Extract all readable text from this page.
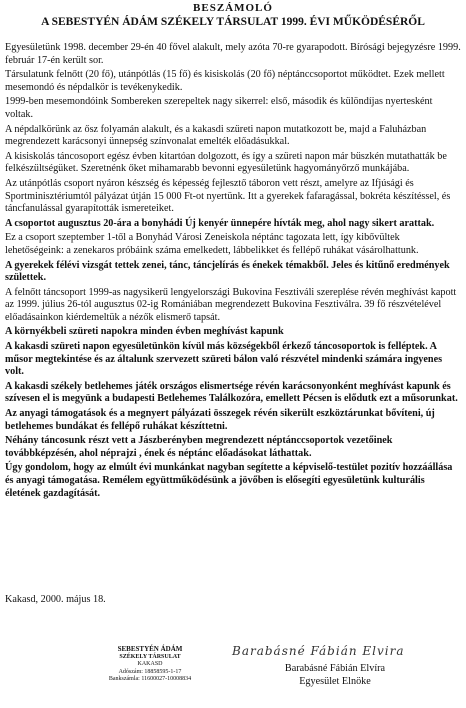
BESZÁMOLÓ
A SEBESTYÉN ÁDÁM SZÉKELY TÁRSULAT 1999. ÉVI MŰKÖDÉSÉRŐL

Egyesületünk 1998. december 29-én 40 fővel alakult, mely azóta 70-re gyarapodott. Bírósági bejegyzésre 1999. február 17-én került sor.

Társulatunk felnőtt (20 fő), utánpótlás (15 fő) és kisiskolás (20 fő) néptánccsoportot működtet. Ezek mellett mesemondó és népdalkör is tevékenykedik.

1999-ben mesemondóink Sombereken szerepeltek nagy sikerrel: első, második és különdíjas nyertesként voltak.

A népdalkörünk az ősz folyamán alakult, és a kakasdi szüreti napon mutatkozott be, majd a Faluházban megrendezett karácsonyi ünnepség színvonalat emelték előadásukkal.

A kisiskolás táncosoport egész évben kitartóan dolgozott, és így a szüreti napon már büszkén mutathatták be felkészültségüket. Szeretnénk őket mihamarabb bevonni egyesületünk hagyományőrző munkájába.

Az utánpótlás csoport nyáron készség és képesség fejlesztő táboron vett részt, amelyre az Ifjúsági és Sportminisztériumtól pályázat útján 15 000 Ft-ot nyertünk. Itt a gyerekek fafaragással, bokréta készítéssel, és táncfanulással gyarapították ismereteiket.

A csoportot augusztus 20-ára a bonyhádi Új kenyér ünnepére hívták meg, ahol nagy sikert arattak.

Ez a csoport szeptember 1-től a Bonyhád Városi Zeneiskola néptánc tagozata lett, így kibővültek lehetőségeink: a zenekaros próbáink száma emelkedett, lábbelikket és fellépő ruhákat vásárolhattunk.

A gyerekek félévi vizsgát tettek zenei, tánc, táncjelírás és énekek témakből. Jeles és kitűnő eredmények születtek.

A felnőtt táncsoport 1999-as nagysikerű lengyelországi Bukovina Fesztiváli szereplése révén meghívást kapott az 1999. július 26-tól augusztus 02-ig Romániában megrendezett Bukovina Fesztiválra. 39 fő részvételével előadásainkon kiérdemeltük a nézők elismerő tapsát.

A környékbeli szüreti napokra minden évben meghívást kapunk

A kakasdi szüreti napon egyesületünkön kívül más községekből érkező táncosoportok is felléptek. A műsor megtekintése és az általunk szervezett szüreti bálon való részvétel mindenki számára ingyenes volt.

A kakasdi székely betlehemes játék országos elismertsége révén karácsonyonként meghívást kapunk és szívesen el is megyünk a budapesti Betlehemes Találkozóra, emellett Pécsen is elődutk ezt a műsorunkat.

Az anyagi támogatások és a megnyert pályázati összegek révén sikerült eszköztárunkat bővíteni, új betlehemes bundákat és fellépő ruhákat készíttetni.

Néhány táncosunk részt vett a Jászberényben megrendezett néptánccsoportok vezetőinek továbbképzésén, ahol néprajzi , ének és néptánc előadásokat láthattak.

Úgy gondolom, hogy az elmúlt évi munkánkat nagyban segítette a képviselő-testület pozitív hozzáállása és anyagi támogatása. Remélem együttműködésünk a jövőben is elősegíti egyesületünk kulturális életének gazdagítását.

Kakasd, 2000. május 18.
SEBESTYÉN ÁDÁM
SZÉKELY TÁRSULAT
KAKASD
Adószám: 18858595-1-17
Bankszámla: 11600027-10008834
Barabásné Fábián Elvira
Barabásné Fábián Elvíra
Egyesület Elnöke
